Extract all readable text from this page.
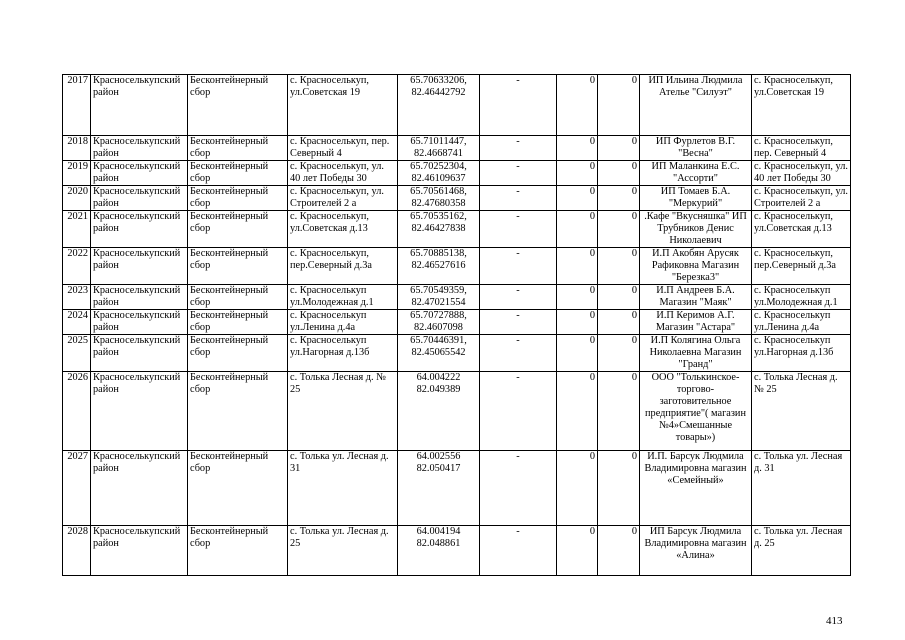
2017	Красноселькупский район	Бесконтейнерный сбор	с. Красноселькуп, ул.Советская 19	65.70633206, 82.46442792	-	0	0	ИП Ильина Людмила Ателье "Силуэт"	с. Красноселькуп, ул.Советская 19
2018	Красноселькупский район	Бесконтейнерный сбор	с. Красноселькуп, пер. Северный 4	65.71011447, 82.4668741	-	0	0	ИП Фурлетов В.Г. "Весна"	с. Красноселькуп, пер. Северный 4
2019	Красноселькупский район	Бесконтейнерный сбор	с. Красноселькуп, ул. 40 лет Победы 30	65.70252304, 82.46109637	-	0	0	ИП Маланкина Е.С. "Ассорти"	с. Красноселькуп, ул. 40 лет Победы 30
2020	Красноселькупский район	Бесконтейнерный сбор	с. Красноселькуп, ул. Строителей 2 а	65.70561468, 82.47680358	-	0	0	ИП Томаев Б.А. "Меркурий"	с. Красноселькуп, ул. Строителей 2 а
2021	Красноселькупский район	Бесконтейнерный сбор	с. Красноселькуп, ул.Советская д.13	65.70535162, 82.46427838	-	0	0	.Кафе "Вкусняшка" ИП Трубников Денис Николаевич	с. Красноселькуп, ул.Советская д.13
2022	Красноселькупский район	Бесконтейнерный сбор	с. Красноселькуп, пер.Северный д.3а	65.70885138, 82.46527616	-	0	0	И.П Акобян Арусяк Рафиковна Магазин "Березка3"	с. Красноселькуп, пер.Северный д.3а
2023	Красноселькупский район	Бесконтейнерный сбор	с. Красноселькуп ул.Молодежная д.1	65.70549359, 82.47021554	-	0	0	И.П Андреев Б.А. Магазин "Маяк"	с. Красноселькуп ул.Молодежная д.1
2024	Красноселькупский район	Бесконтейнерный сбор	с. Красноселькуп ул.Ленина д.4а	65.70727888, 82.4607098	-	0	0	И.П Керимов А.Г. Магазин "Астара"	с. Красноселькуп ул.Ленина д.4а
2025	Красноселькупский район	Бесконтейнерный сбор	с. Красноселькуп ул.Нагорная д.13б	65.70446391, 82.45065542	-	0	0	И.П Колягина Ольга Николаевна Магазин "Гранд"	с. Красноселькуп ул.Нагорная д.13б
2026	Красноселькупский район	Бесконтейнерный сбор	с. Толька Лесная д. № 25	64.004222 82.049389	-	0	0	ООО "Толькинское-торгово-заготовительное предприятие"( магазин №4»Смешанные товары»)	с. Толька Лесная д. № 25
2027	Красноселькупский район	Бесконтейнерный сбор	с. Толька ул. Лесная д. 31	64.002556 82.050417	-	0	0	И.П. Барсук Людмила Владимировна магазин «Семейный»	с. Толька ул. Лесная д. 31
2028	Красноселькупский район	Бесконтейнерный сбор	с. Толька ул. Лесная д. 25	64.004194 82.048861	-	0	0	ИП Барсук Людмила Владимировна магазин «Алина»	с. Толька ул. Лесная д. 25
413
